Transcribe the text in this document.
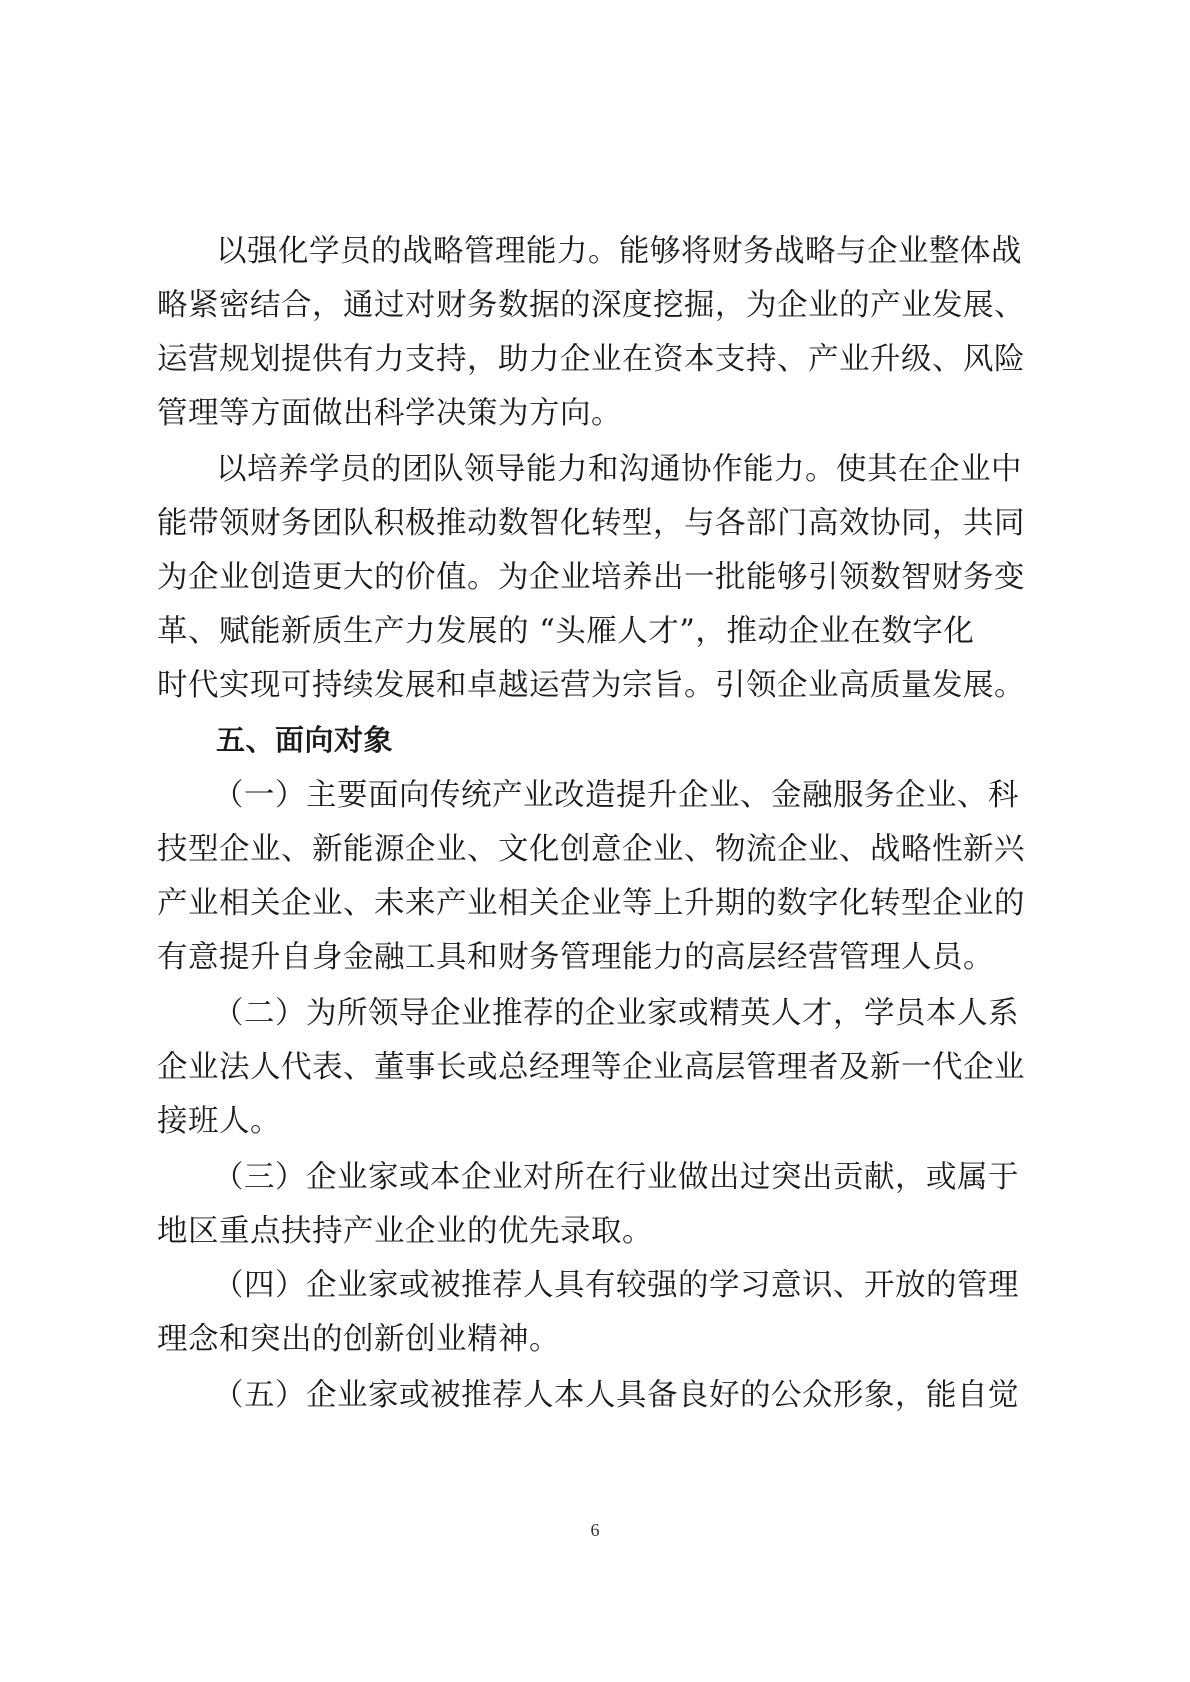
以强化学员的战略管理能力。能够将财务战略与企业整体战
略紧密结合，通过对财务数据的深度挖掘，为企业的产业发展、
运营规划提供有力支持，助力企业在资本支持、产业升级、风险
管理等方面做出科学决策为方向。
以培养学员的团队领导能力和沟通协作能力。使其在企业中
能带领财务团队积极推动数智化转型，与各部门高效协同，共同
为企业创造更大的价值。为企业培养出一批能够引领数智财务变
革、赋能新质生产力发展的 “头雁人才”，推动企业在数字化
时代实现可持续发展和卓越运营为宗旨。引领企业高质量发展。
五、面向对象
（一）主要面向传统产业改造提升企业、金融服务企业、科
技型企业、新能源企业、文化创意企业、物流企业、战略性新兴
产业相关企业、未来产业相关企业等上升期的数字化转型企业的
有意提升自身金融工具和财务管理能力的高层经营管理人员。
（二）为所领导企业推荐的企业家或精英人才，学员本人系
企业法人代表、董事长或总经理等企业高层管理者及新一代企业
接班人。
（三）企业家或本企业对所在行业做出过突出贡献，或属于
地区重点扶持产业企业的优先录取。
（四）企业家或被推荐人具有较强的学习意识、开放的管理
理念和突出的创新创业精神。
（五）企业家或被推荐人本人具备良好的公众形象，能自觉
6
